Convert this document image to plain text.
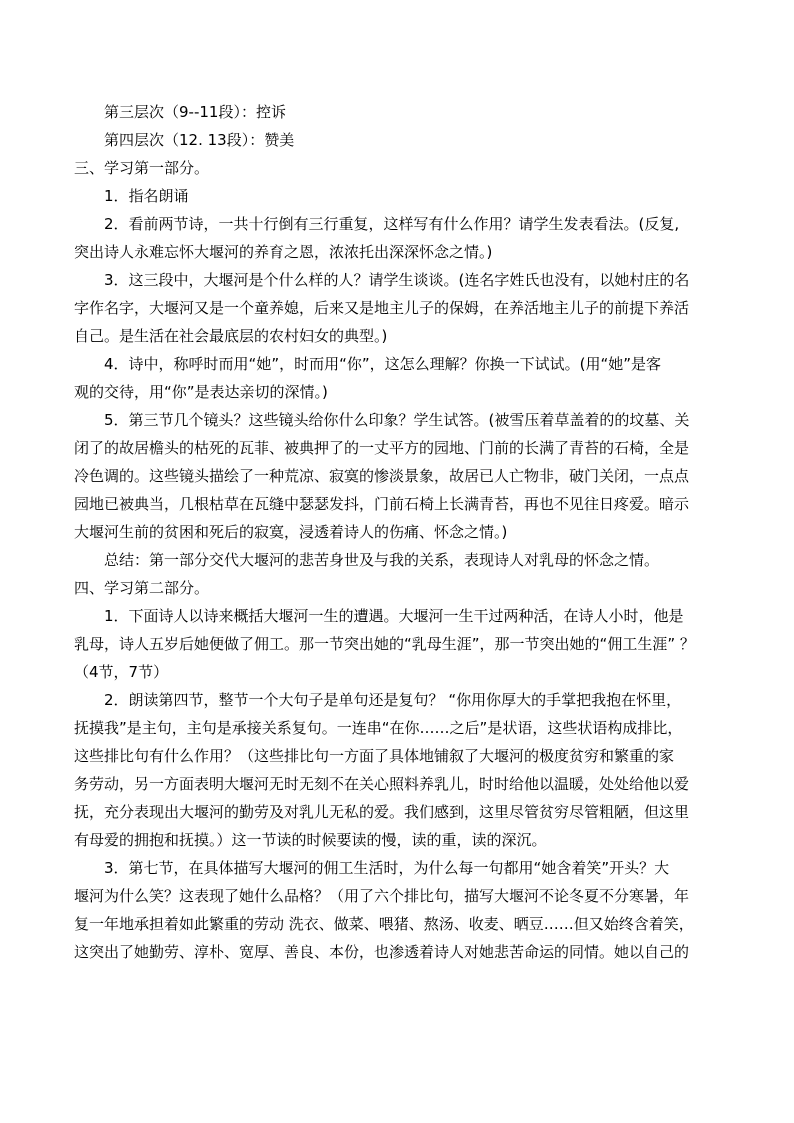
第三层次（9--11段）：控诉
第四层次（12. 13段）：赞美
三、学习第一部分。
1．指名朗诵
2．看前两节诗，一共十行倒有三行重复，这样写有什么作用？请学生发表看法。(反复,
突出诗人永难忘怀大堰河的养育之恩，浓浓托出深深怀念之情。)
3．这三段中，大堰河是个什么样的人？请学生谈谈。(连名字姓氏也没有，以她村庄的名
字作名字，大堰河又是一个童养媳，后来又是地主儿子的保姆，在养活地主儿子的前提下养活
自己。是生活在社会最底层的农村妇女的典型。)
4．诗中，称呼时而用“她”，时而用“你”，这怎么理解？你换一下试试。(用“她”是客
观的交待，用“你”是表达亲切的深情。)
5．第三节几个镜头？这些镜头给你什么印象？学生试答。(被雪压着草盖着的的坟墓、关
闭了的故居檐头的枯死的瓦菲、被典押了的一丈平方的园地、门前的长满了青苔的石椅，全是
冷色调的。这些镜头描绘了一种荒凉、寂寞的惨淡景象，故居已人亡物非，破门关闭，一点点
园地已被典当，几根枯草在瓦缝中瑟瑟发抖，门前石椅上长满青苔，再也不见往日疼爱。暗示
大堰河生前的贫困和死后的寂寞，浸透着诗人的伤痛、怀念之情。)
总结：第一部分交代大堰河的悲苦身世及与我的关系，表现诗人对乳母的怀念之情。
四、学习第二部分。
1．下面诗人以诗来概括大堰河一生的遭遇。大堰河一生干过两种活，在诗人小时，他是
乳母，诗人五岁后她便做了佣工。那一节突出她的“乳母生涯”，那一节突出她的“佣工生涯” ？
（4节，7节）
2．朗读第四节，整节一个大句子是单句还是复句？ “你用你厚大的手掌把我抱在怀里，
抚摸我”是主句，主句是承接关系复句。一连串“在你……之后”是状语，这些状语构成排比，
这些排比句有什么作用？（这些排比句一方面了具体地铺叙了大堰河的极度贫穷和繁重的家
务劳动，另一方面表明大堰河无时无刻不在关心照料养乳儿，时时给他以温暖，处处给他以爱
抚，充分表现出大堰河的勤劳及对乳儿无私的爱。我们感到，这里尽管贫穷尽管粗陋，但这里
有母爱的拥抱和抚摸。）这一节读的时候要读的慢，读的重，读的深沉。
3．第七节，在具体描写大堰河的佣工生活时，为什么每一句都用“她含着笑”开头？大
堰河为什么笑？这表现了她什么品格？（用了六个排比句，描写大堰河不论冬夏不分寒暑，年
复一年地承担着如此繁重的劳动 洗衣、做菜、喂猪、熬汤、收麦、晒豆……但又始终含着笑，
这突出了她勤劳、淳朴、宽厚、善良、本份，也渗透着诗人对她悲苦命运的同情。她以自己的
